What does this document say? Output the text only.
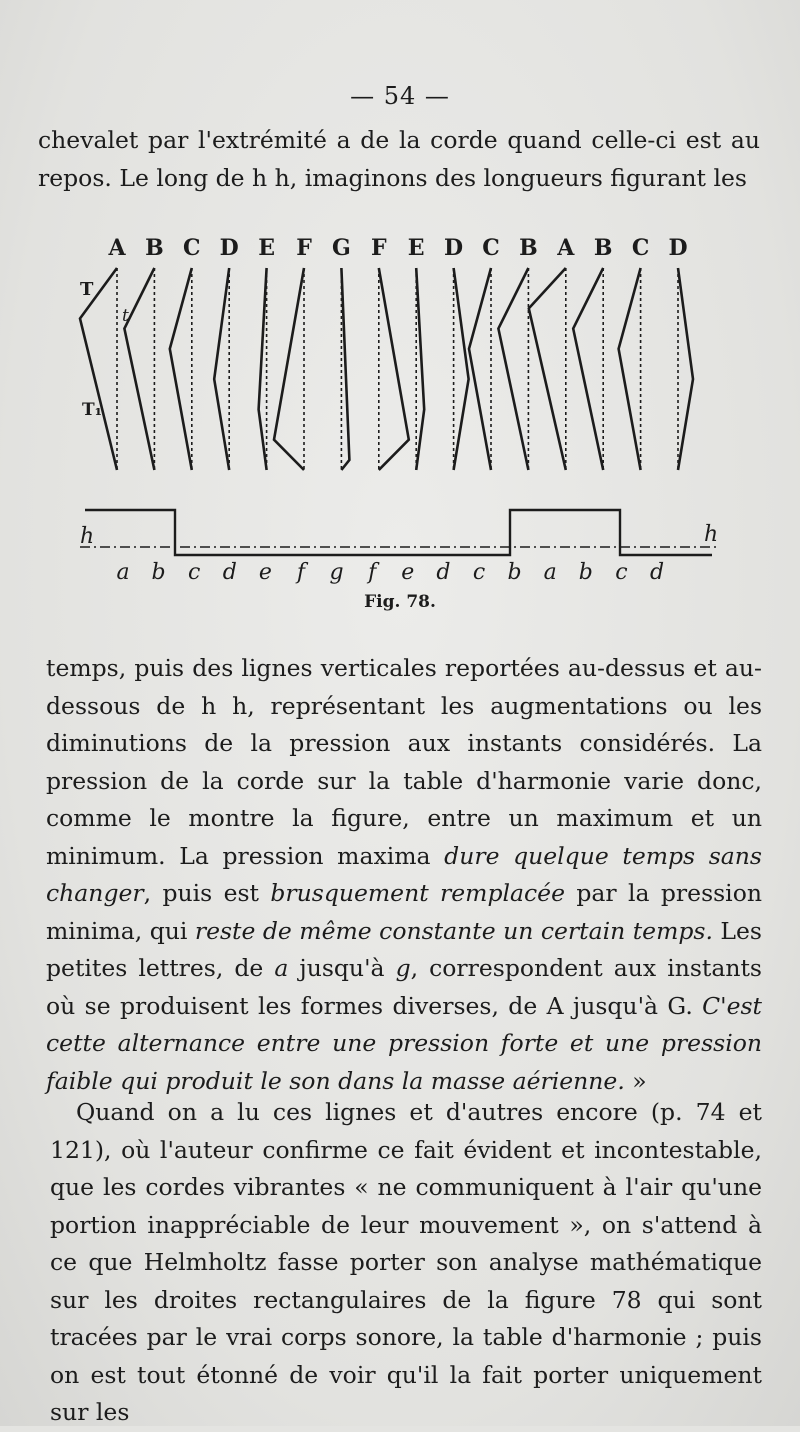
— 54 —

chevalet par l'extrémité a de la corde quand celle-ci est au repos. Le long de h h, imaginons des longueurs figurant les

A B C D E F G F E D C B A B C D
T
t
T₁
h	h
a b c d e f g f e d c b a b c d
Fig. 78.

temps, puis des lignes verticales reportées au-dessus et au-dessous de h h, représentant les augmentations ou les diminutions de la pression aux instants considérés. La pression de la corde sur la table d'harmonie varie donc, comme le montre la figure, entre un maximum et un minimum. La pression maxima dure quelque temps sans changer, puis est brusquement remplacée par la pression minima, qui reste de même constante un certain temps. Les petites lettres, de a jusqu'à g, correspondent aux instants où se produisent les formes diverses, de A jusqu'à G. C'est cette alternance entre une pression forte et une pression faible qui produit le son dans la masse aérienne. »

Quand on a lu ces lignes et d'autres encore (p. 74 et 121), où l'auteur confirme ce fait évident et incontestable, que les cordes vibrantes « ne communiquent à l'air qu'une portion inappréciable de leur mouvement », on s'attend à ce que Helmholtz fasse porter son analyse mathématique sur les droites rectangulaires de la figure 78 qui sont tracées par le vrai corps sonore, la table d'harmonie ; puis on est tout étonné de voir qu'il la fait porter uniquement sur les
